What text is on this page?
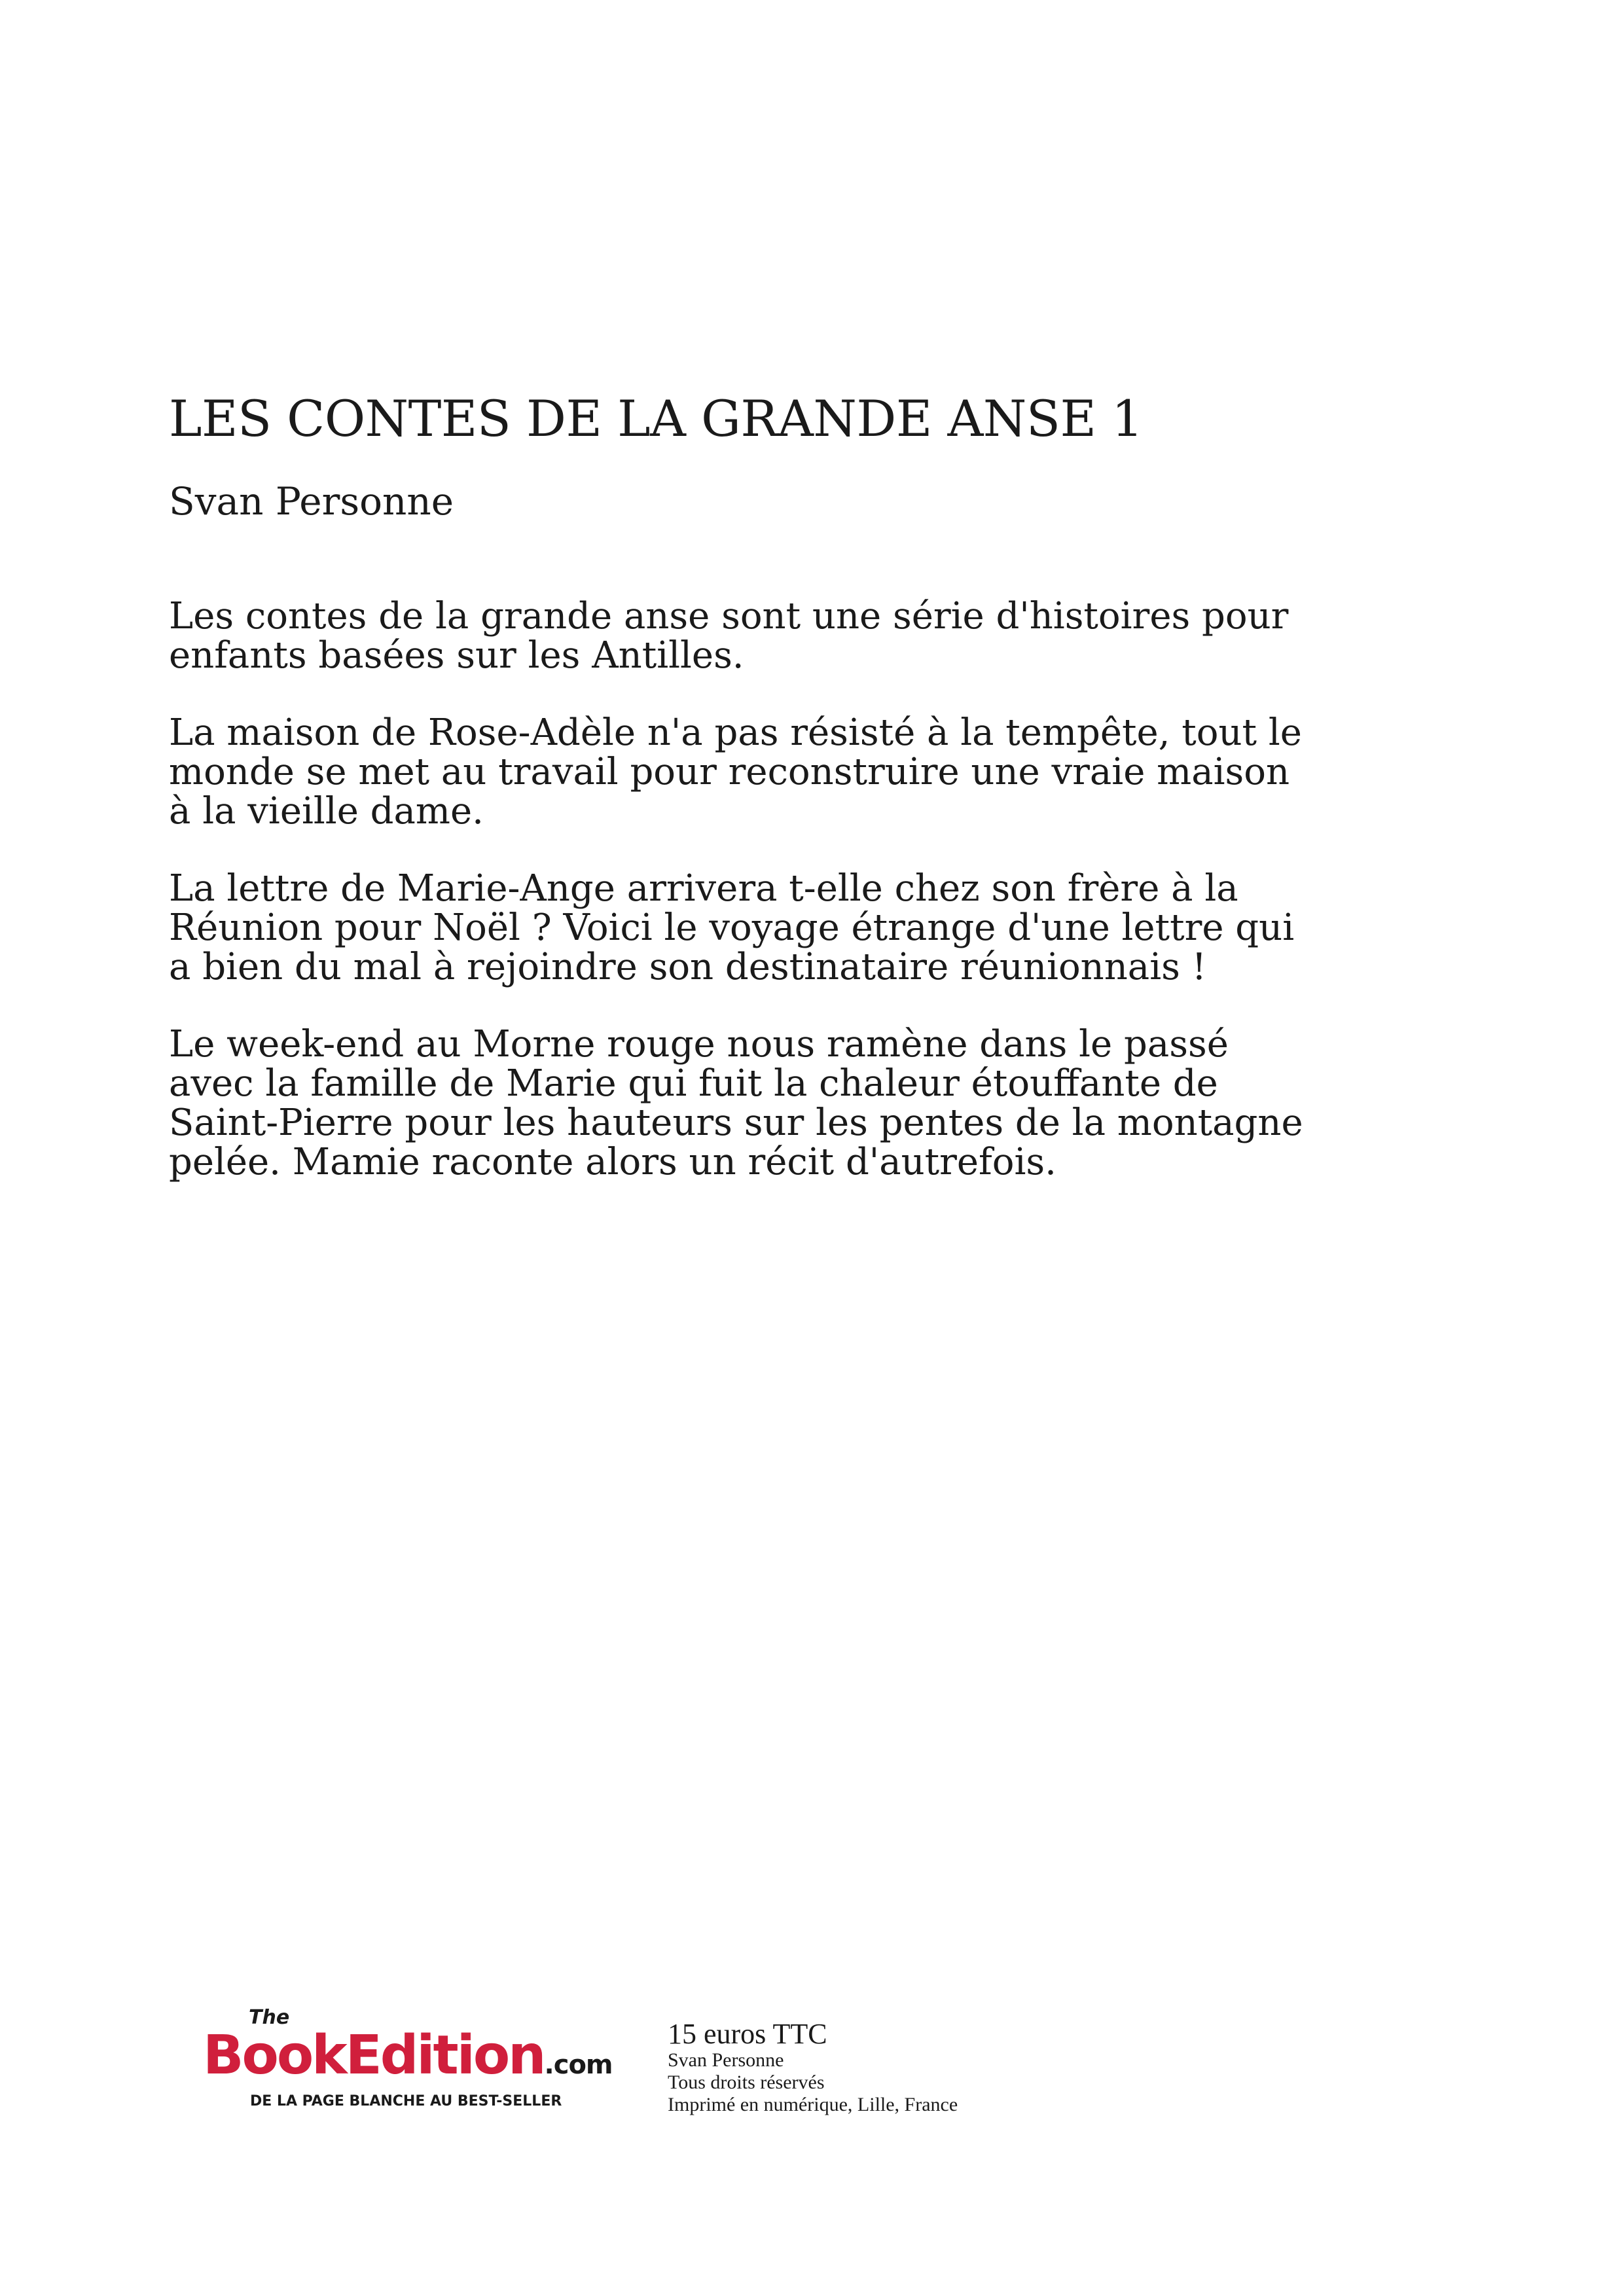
LES CONTES DE LA GRANDE ANSE 1
Svan Personne

Les contes de la grande anse sont une série d'histoires pour enfants basées sur les Antilles.

La maison de Rose-Adèle n'a pas résisté à la tempête, tout le monde se met au travail pour reconstruire une vraie maison à la vieille dame.

La lettre de Marie-Ange arrivera t-elle chez son frère à la Réunion pour Noël ? Voici le voyage étrange d'une lettre qui a bien du mal à rejoindre son destinataire réunionnais !

Le week-end au Morne rouge nous ramène dans le passé avec la famille de Marie qui fuit la chaleur étouffante de Saint-Pierre pour les hauteurs sur les pentes de la montagne pelée. Mamie raconte alors un récit d'autrefois.

The
BookEdition.com
DE LA PAGE BLANCHE AU BEST-SELLER
15 euros TTC
Svan Personne
Tous droits réservés
Imprimé en numérique, Lille, France
